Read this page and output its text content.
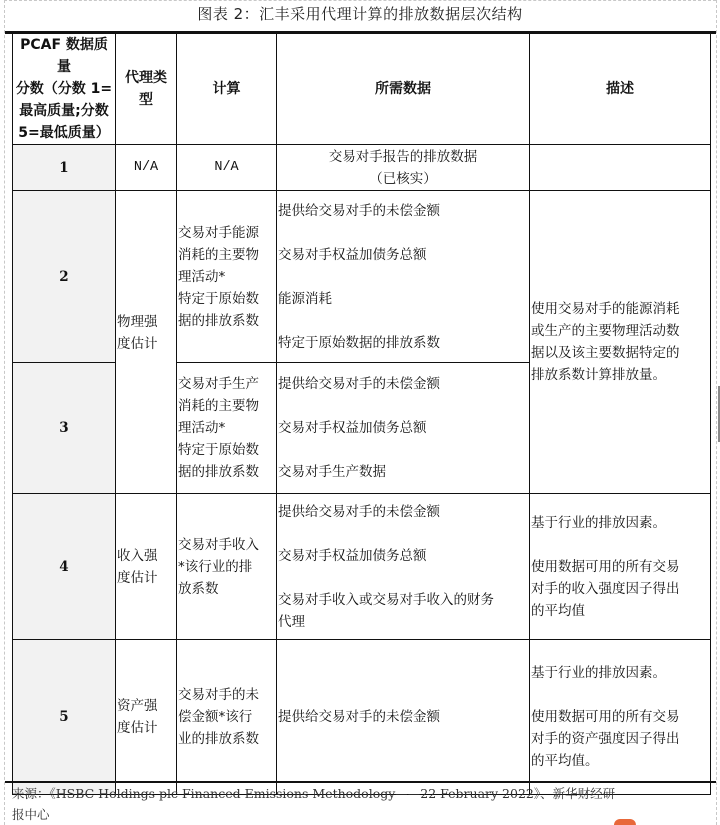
图表 2：汇丰采用代理计算的排放数据层次结构
PCAF 数据质量
分数（分数 1=
最高质量;分数
5=最低质量）	代理类
型	计算	所需数据	描述
1	N/A	N/A	交易对手报告的排放数据
（已核实）	

2	物理强
度估计	交易对手能源
消耗的主要物
理活动*
特定于原始数
据的排放系数	提供给交易对手的未偿金额
交易对手权益加债务总额
能源消耗
特定于原始数据的排放系数	使用交易对手的能源消耗
或生产的主要物理活动数
据以及该主要数据特定的
排放系数计算排放量。

3		交易对手生产
消耗的主要物
理活动*
特定于原始数
据的排放系数	提供给交易对手的未偿金额
交易对手权益加债务总额
交易对手生产数据	

4	收入强
度估计	交易对手收入
*该行业的排
放系数	提供给交易对手的未偿金额
交易对手权益加债务总额
交易对手收入或交易对手收入的财务
代理	基于行业的排放因素。
使用数据可用的所有交易
对手的收入强度因子得出
的平均值

5	资产强
度估计	交易对手的未
偿金额*该行
业的排放系数	提供给交易对手的未偿金额	基于行业的排放因素。
使用数据可用的所有交易
对手的资产强度因子得出
的平均值。
来源：《HSBC Holdings plc Financed Emissions Methodology——22 February 2022》、新华财经研
报中心
